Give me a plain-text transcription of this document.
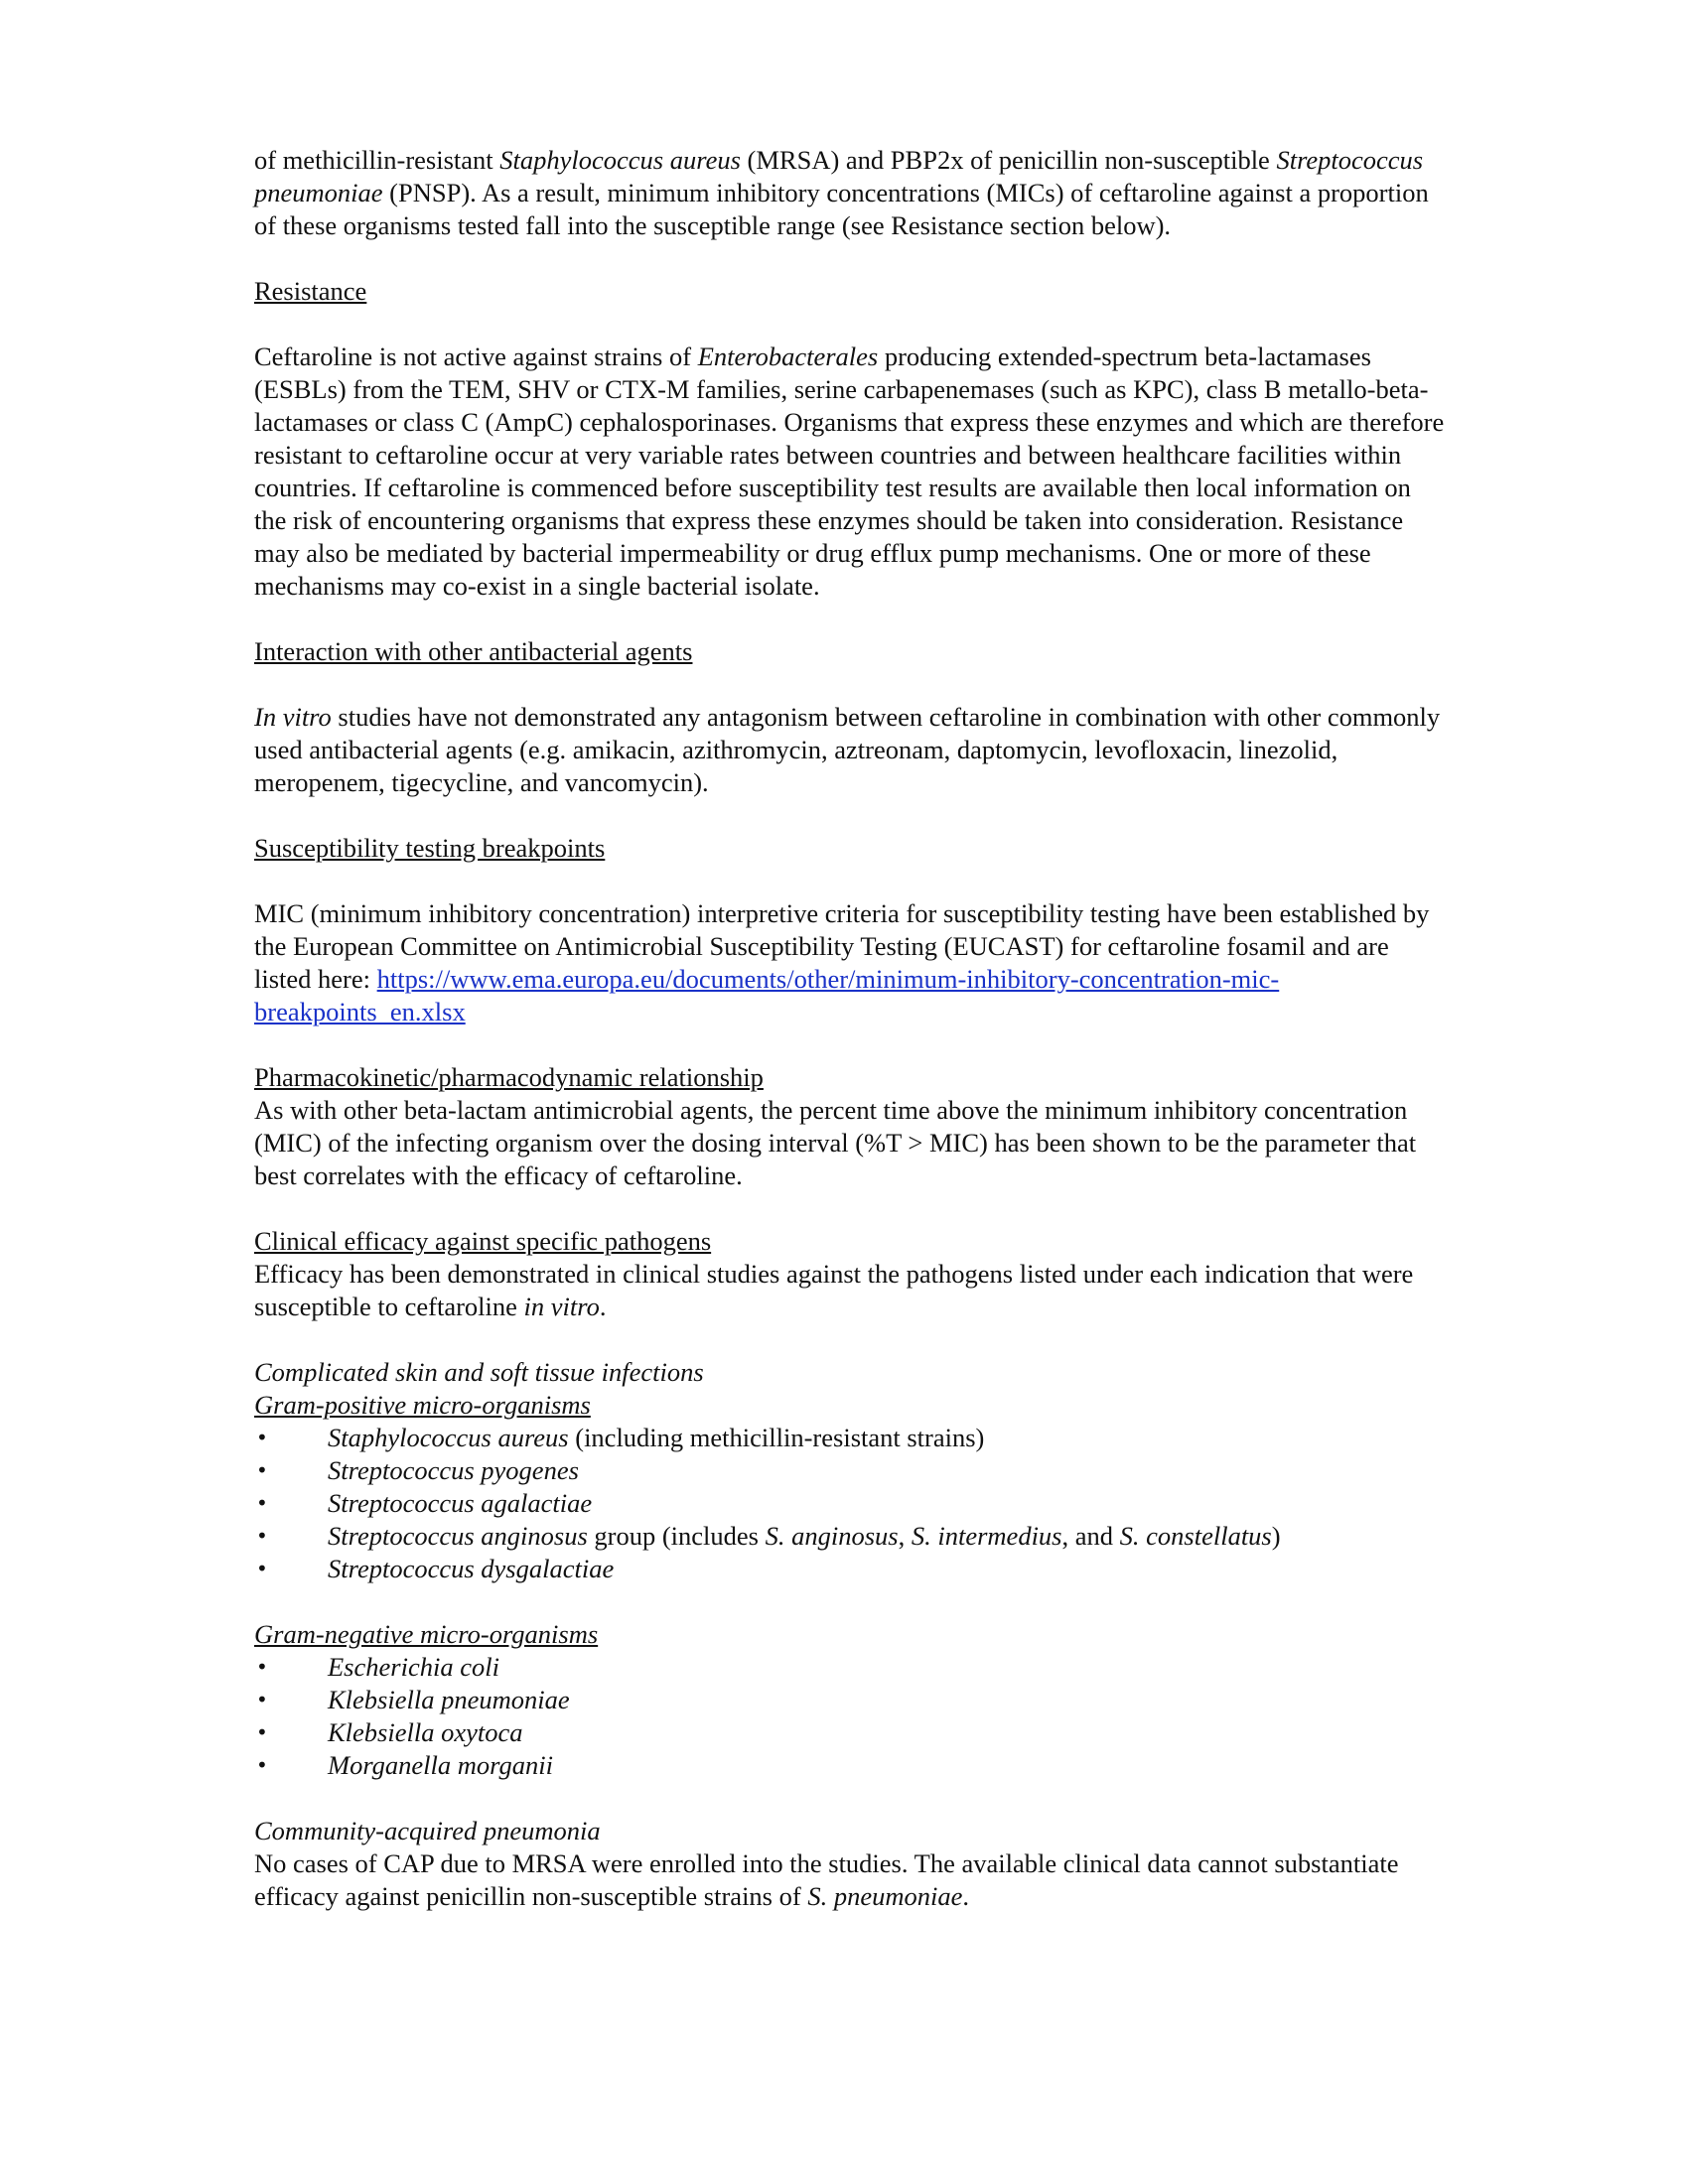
of methicillin-resistant Staphylococcus aureus (MRSA) and PBP2x of penicillin non-susceptible Streptococcus pneumoniae (PNSP). As a result, minimum inhibitory concentrations (MICs) of ceftaroline against a proportion of these organisms tested fall into the susceptible range (see Resistance section below).

Resistance

Ceftaroline is not active against strains of Enterobacterales producing extended-spectrum beta-lactamases (ESBLs) from the TEM, SHV or CTX-M families, serine carbapenemases (such as KPC), class B metallo-beta-lactamases or class C (AmpC) cephalosporinases. Organisms that express these enzymes and which are therefore resistant to ceftaroline occur at very variable rates between countries and between healthcare facilities within countries. If ceftaroline is commenced before susceptibility test results are available then local information on the risk of encountering organisms that express these enzymes should be taken into consideration. Resistance may also be mediated by bacterial impermeability or drug efflux pump mechanisms. One or more of these mechanisms may co-exist in a single bacterial isolate.

Interaction with other antibacterial agents

In vitro studies have not demonstrated any antagonism between ceftaroline in combination with other commonly used antibacterial agents (e.g. amikacin, azithromycin, aztreonam, daptomycin, levofloxacin, linezolid, meropenem, tigecycline, and vancomycin).

Susceptibility testing breakpoints

MIC (minimum inhibitory concentration) interpretive criteria for susceptibility testing have been established by the European Committee on Antimicrobial Susceptibility Testing (EUCAST) for ceftaroline fosamil and are listed here: https://www.ema.europa.eu/documents/other/minimum-inhibitory-concentration-mic-breakpoints_en.xlsx

Pharmacokinetic/pharmacodynamic relationship

As with other beta-lactam antimicrobial agents, the percent time above the minimum inhibitory concentration (MIC) of the infecting organism over the dosing interval (%T > MIC) has been shown to be the parameter that best correlates with the efficacy of ceftaroline.

Clinical efficacy against specific pathogens

Efficacy has been demonstrated in clinical studies against the pathogens listed under each indication that were susceptible to ceftaroline in vitro.

Complicated skin and soft tissue infections
Gram-positive micro-organisms
• Staphylococcus aureus (including methicillin-resistant strains)
• Streptococcus pyogenes
• Streptococcus agalactiae
• Streptococcus anginosus group (includes S. anginosus, S. intermedius, and S. constellatus)
• Streptococcus dysgalactiae
Gram-negative micro-organisms
• Escherichia coli
• Klebsiella pneumoniae
• Klebsiella oxytoca
• Morganella morganii
Community-acquired pneumonia

No cases of CAP due to MRSA were enrolled into the studies. The available clinical data cannot substantiate efficacy against penicillin non-susceptible strains of S. pneumoniae.
